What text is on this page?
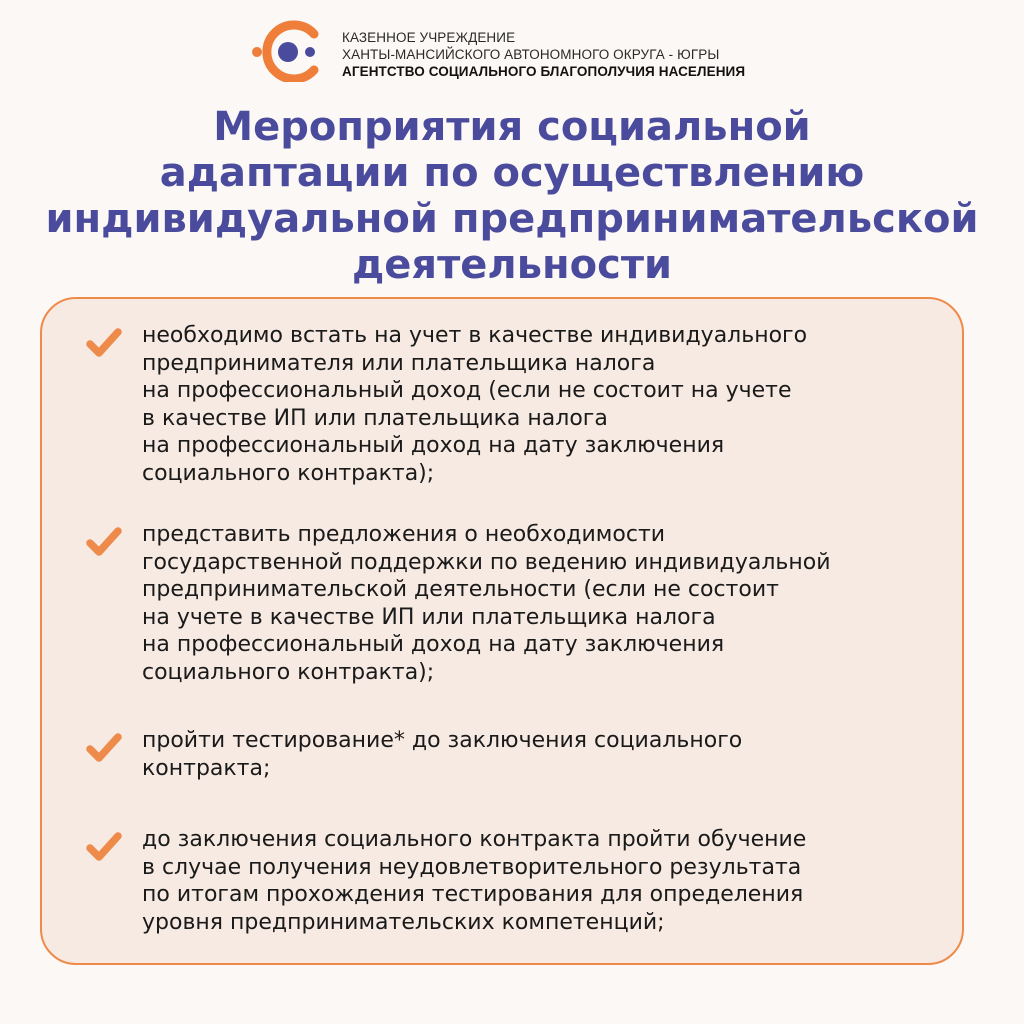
КАЗЕННОЕ УЧРЕЖДЕНИЕ
ХАНТЫ-МАНСИЙСКОГО АВТОНОМНОГО ОКРУГА - ЮГРЫ
АГЕНТСТВО СОЦИАЛЬНОГО БЛАГОПОЛУЧИЯ НАСЕЛЕНИЯ
Мероприятия социальной
адаптации по осуществлению
индивидуальной предпринимательской
деятельности

необходимо встать на учет в качестве индивидуального
предпринимателя или плательщика налога
на профессиональный доход (если не состоит на учете
в качестве ИП или плательщика налога
на профессиональный доход на дату заключения
социального контракта);

представить предложения о необходимости
государственной поддержки по ведению индивидуальной
предпринимательской деятельности (если не состоит
на учете в качестве ИП или плательщика налога
на профессиональный доход на дату заключения
социального контракта);

пройти тестирование* до заключения социального
контракта;

до заключения социального контракта пройти обучение
в случае получения неудовлетворительного результата
по итогам прохождения тестирования для определения
уровня предпринимательских компетенций;
